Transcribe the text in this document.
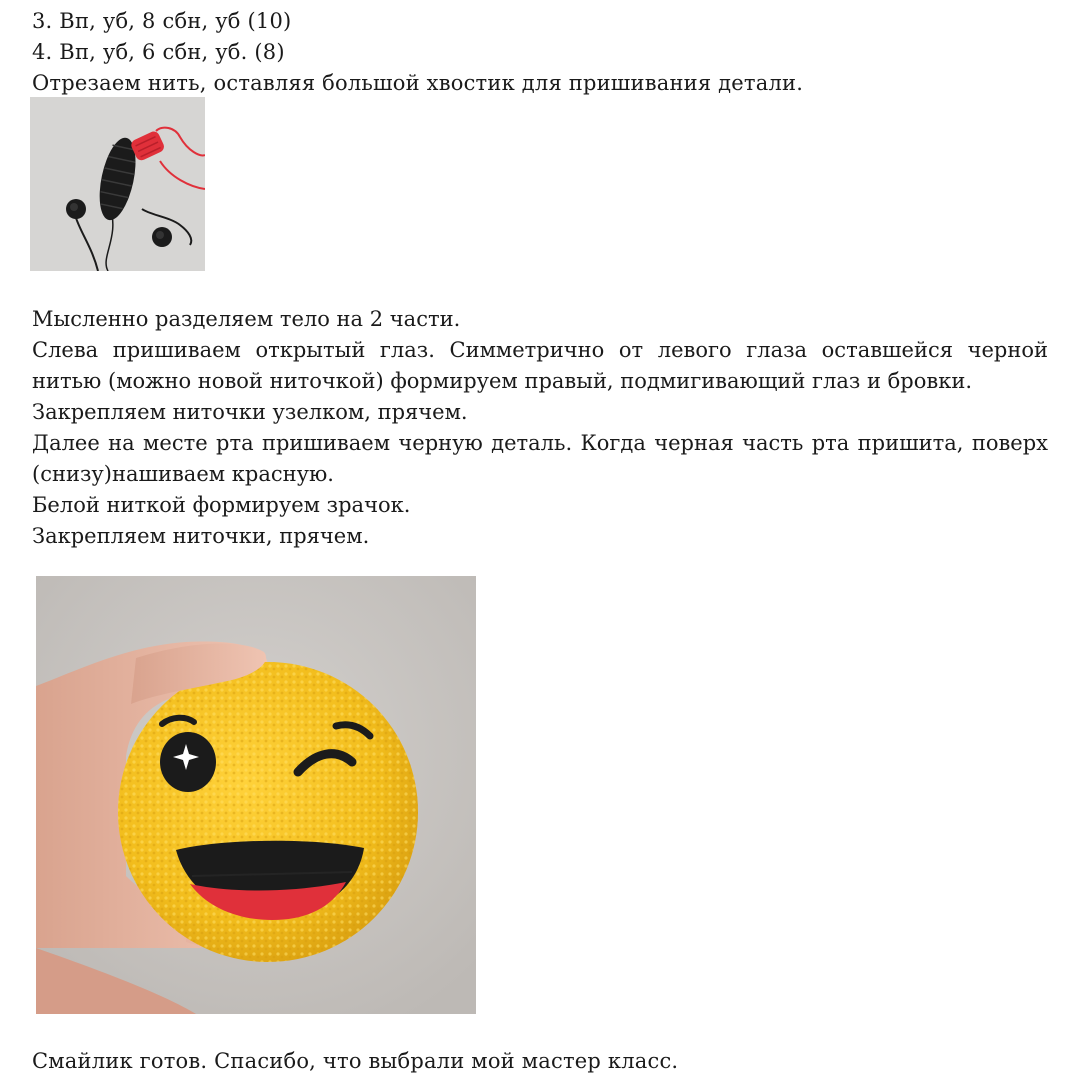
3. Вп, уб, 8 сбн, уб (10)
4. Вп, уб, 6 сбн, уб. (8)
Отрезаем нить, оставляя большой хвостик для пришивания детали.

Мысленно разделяем тело на 2 части.

Слева пришиваем открытый глаз. Симметрично от левого глаза оставшейся черной нитью (можно новой ниточкой) формируем правый, подмигивающий глаз и бровки.

Закрепляем ниточки узелком, прячем.

Далее на месте рта пришиваем черную деталь. Когда черная часть рта пришита, поверх (снизу)нашиваем красную.

Белой ниткой формируем зрачок.

Закрепляем ниточки, прячем.

Смайлик готов. Спасибо, что выбрали мой мастер класс.
